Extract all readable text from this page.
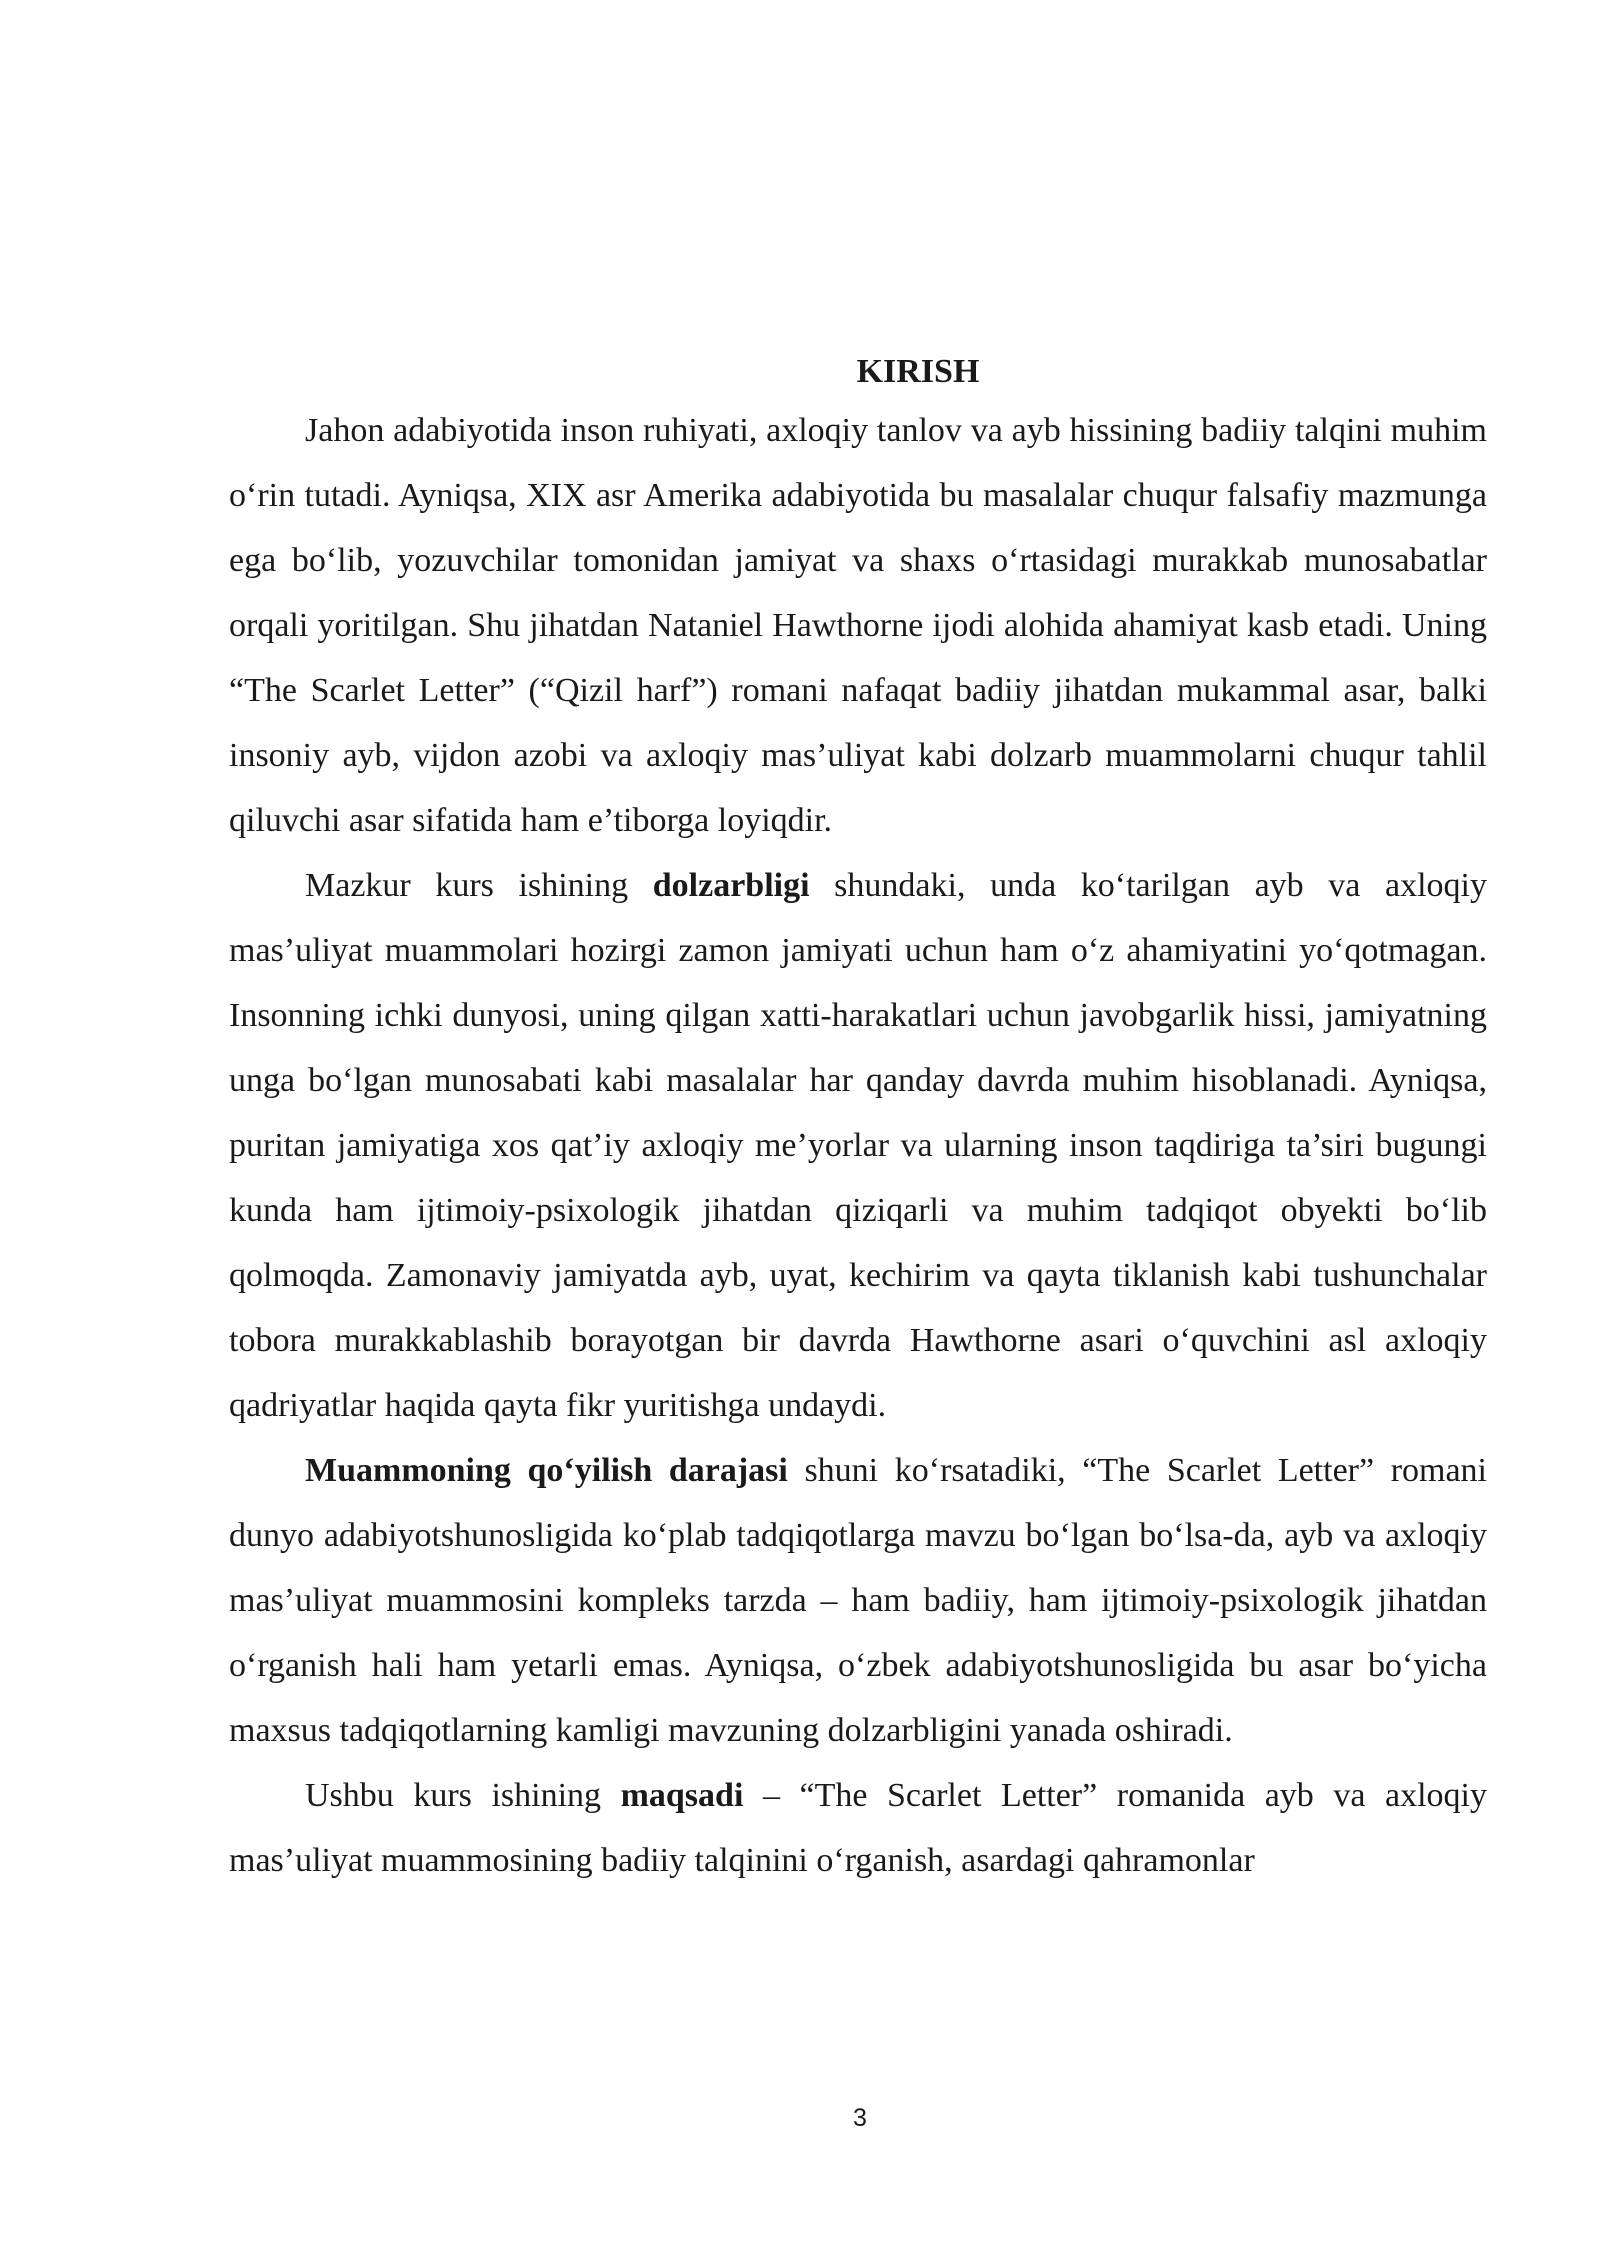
KIRISH

Jahon adabiyotida inson ruhiyati, axloqiy tanlov va ayb hissining badiiy talqini muhim o‘rin tutadi. Ayniqsa, XIX asr Amerika adabiyotida bu masalalar chuqur falsafiy mazmunga ega bo‘lib, yozuvchilar tomonidan jamiyat va shaxs o‘rtasidagi murakkab munosabatlar orqali yoritilgan. Shu jihatdan Nataniel Hawthorne ijodi alohida ahamiyat kasb etadi. Uning “The Scarlet Letter” (“Qizil harf”) romani nafaqat badiiy jihatdan mukammal asar, balki insoniy ayb, vijdon azobi va axloqiy mas’uliyat kabi dolzarb muammolarni chuqur tahlil qiluvchi asar sifatida ham e’tiborga loyiqdir.

Mazkur kurs ishining dolzarbligi shundaki, unda ko‘tarilgan ayb va axloqiy mas’uliyat muammolari hozirgi zamon jamiyati uchun ham o‘z ahamiyatini yo‘qotmagan. Insonning ichki dunyosi, uning qilgan xatti-harakatlari uchun javobgarlik hissi, jamiyatning unga bo‘lgan munosabati kabi masalalar har qanday davrda muhim hisoblanadi. Ayniqsa, puritan jamiyatiga xos qat’iy axloqiy me’yorlar va ularning inson taqdiriga ta’siri bugungi kunda ham ijtimoiy-psixologik jihatdan qiziqarli va muhim tadqiqot obyekti bo‘lib qolmoqda. Zamonaviy jamiyatda ayb, uyat, kechirim va qayta tiklanish kabi tushunchalar tobora murakkablashib borayotgan bir davrda Hawthorne asari o‘quvchini asl axloqiy qadriyatlar haqida qayta fikr yuritishga undaydi.

Muammoning qo‘yilish darajasi shuni ko‘rsatadiki, “The Scarlet Letter” romani dunyo adabiyotshunosligida ko‘plab tadqiqotlarga mavzu bo‘lgan bo‘lsa-da, ayb va axloqiy mas’uliyat muammosini kompleks tarzda – ham badiiy, ham ijtimoiy-psixologik jihatdan o‘rganish hali ham yetarli emas. Ayniqsa, o‘zbek adabiyotshunosligida bu asar bo‘yicha maxsus tadqiqotlarning kamligi mavzuning dolzarbligini yanada oshiradi.

Ushbu kurs ishining maqsadi – “The Scarlet Letter” romanida ayb va axloqiy mas’uliyat muammosining badiiy talqinini o‘rganish, asardagi qahramonlar

3
